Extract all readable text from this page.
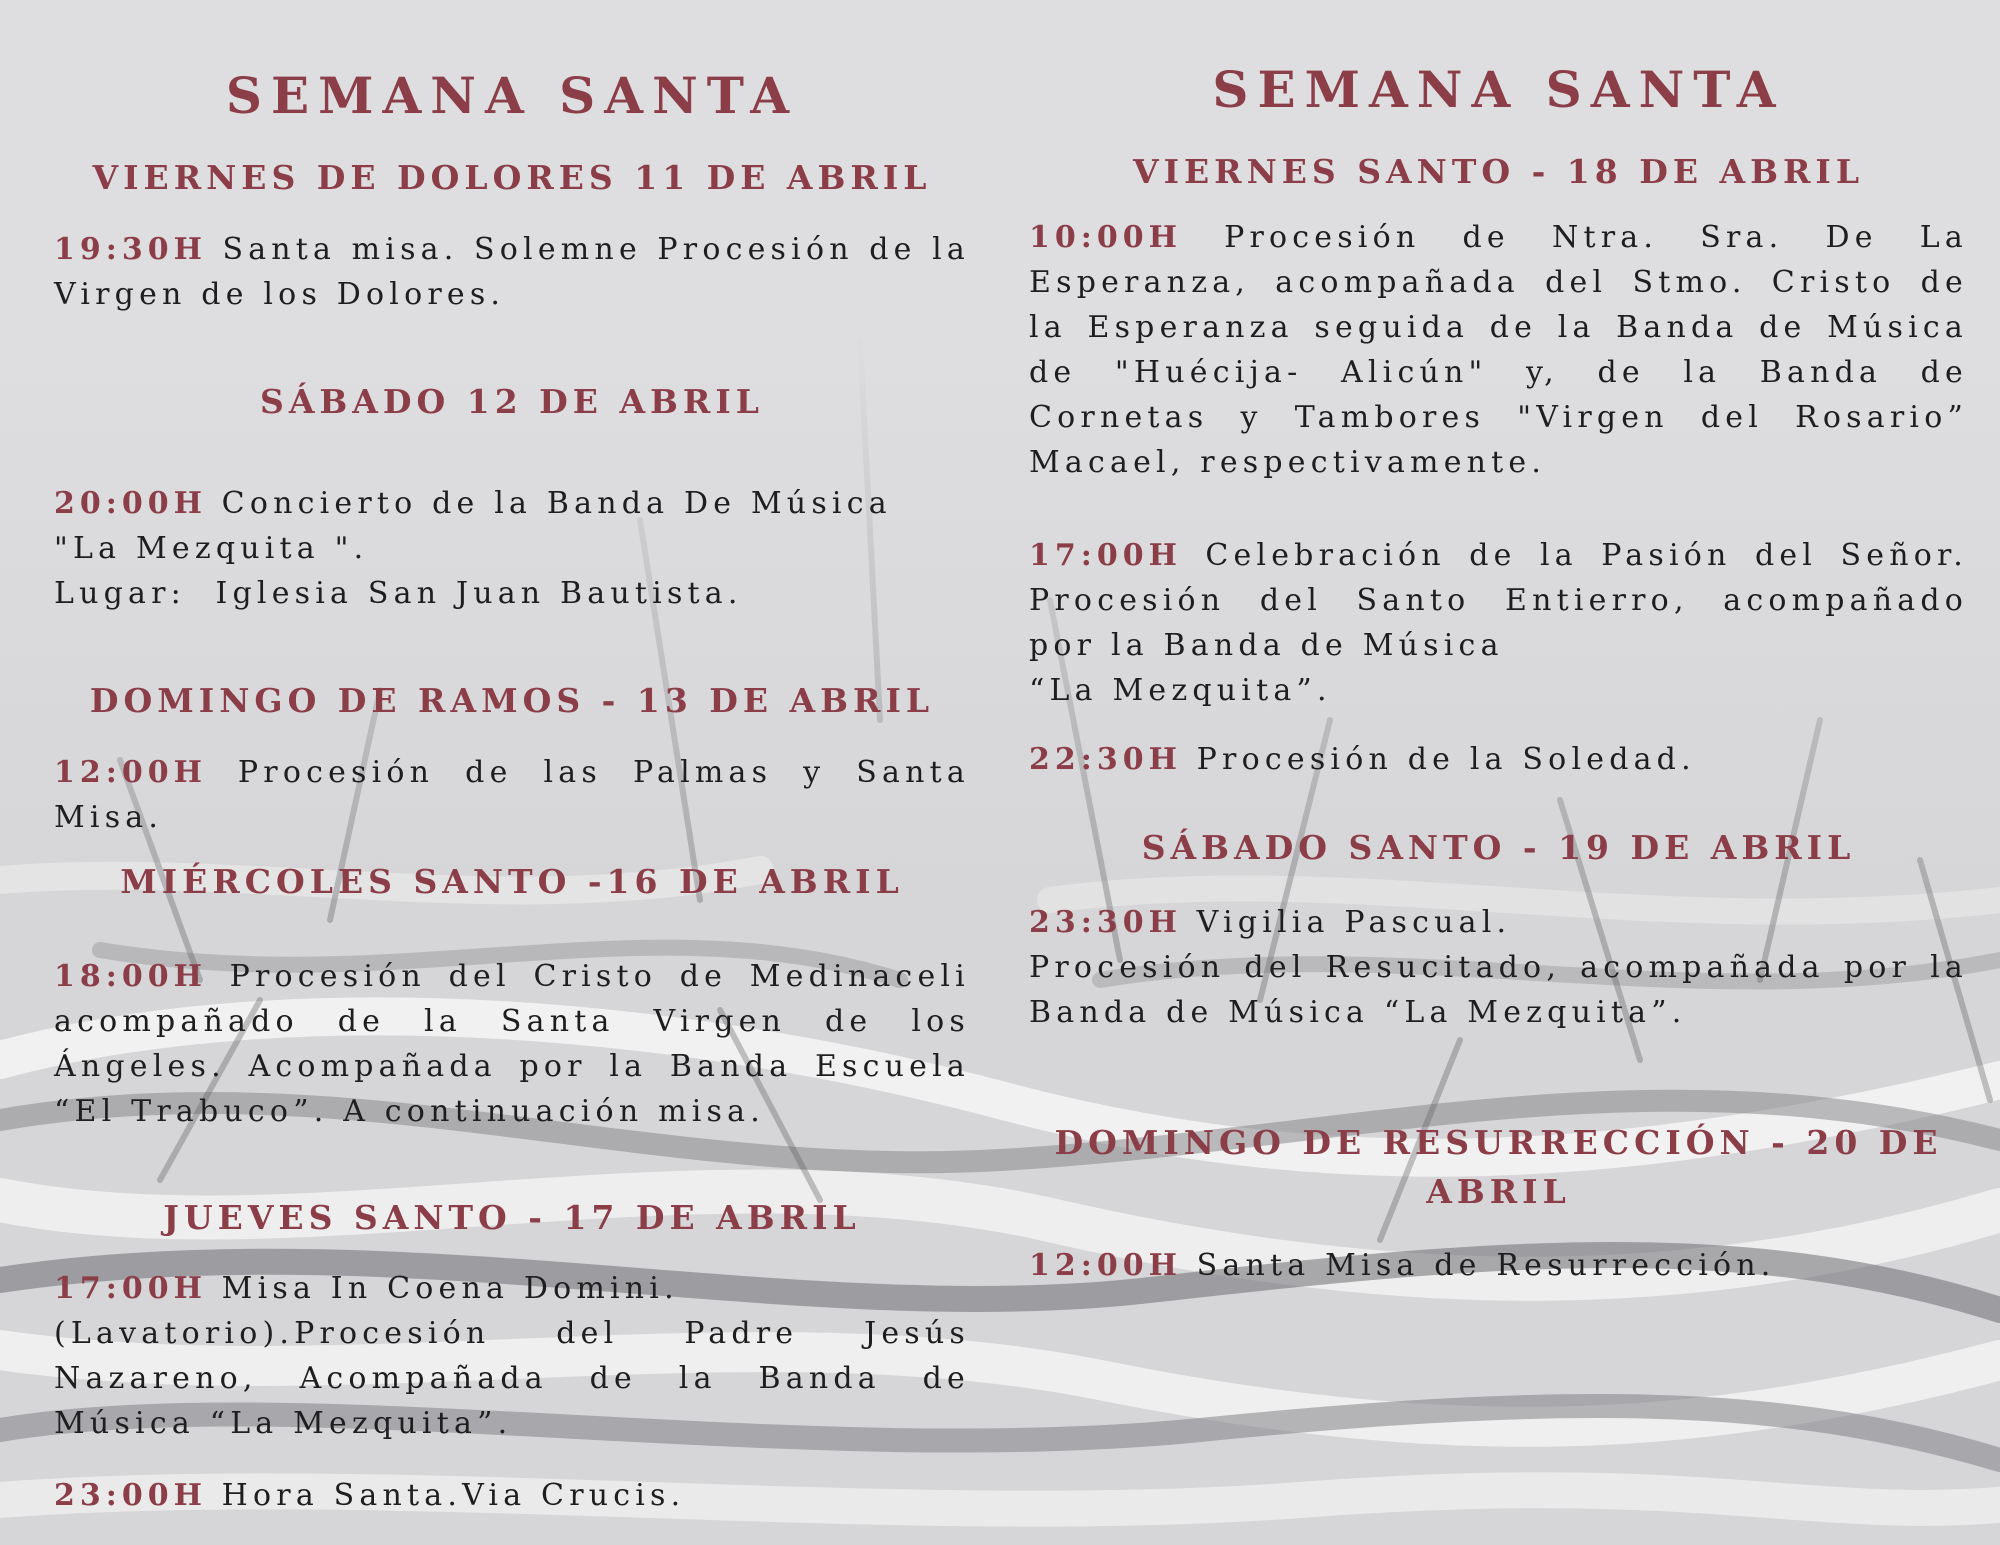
SEMANA SANTA
VIERNES DE DOLORES 11 DE ABRIL
19:30H Santa misa. Solemne Procesión de la Virgen de los Dolores.
SÁBADO 12 DE ABRIL
20:00H Concierto de la Banda De Música
"La Mezquita ".
Lugar:  Iglesia San Juan Bautista.
DOMINGO DE RAMOS - 13 DE ABRIL
12:00H Procesión de las Palmas y Santa Misa.
MIÉRCOLES SANTO -16 DE ABRIL
18:00H Procesión del Cristo de Medinaceli acompañado de la Santa Virgen de los Ángeles. Acompañada por la Banda Escuela “El Trabuco”. A continuación misa.
JUEVES SANTO - 17 DE ABRIL
17:00H Misa In Coena Domini.
(Lavatorio).Procesión del Padre Jesús Nazareno, Acompañada de la Banda de Música “La Mezquita”.
23:00H Hora Santa.Via Crucis.
SEMANA SANTA
VIERNES SANTO - 18 DE ABRIL
10:00H Procesión de Ntra. Sra. De La Esperanza, acompañada del Stmo. Cristo de la Esperanza seguida de la Banda de Música de "Huécija- Alicún" y, de la Banda de Cornetas y Tambores "Virgen del Rosario” Macael, respectivamente.
17:00H Celebración de la Pasión del Señor. Procesión del Santo Entierro, acompañado por la Banda de Música
“La Mezquita”.
22:30H Procesión de la Soledad.
SÁBADO SANTO - 19 DE ABRIL
23:30H Vigilia Pascual.
Procesión del Resucitado, acompañada por la Banda de Música “La Mezquita”.
DOMINGO DE RESURRECCIÓN - 20 DE ABRIL
12:00H Santa Misa de Resurrección.
